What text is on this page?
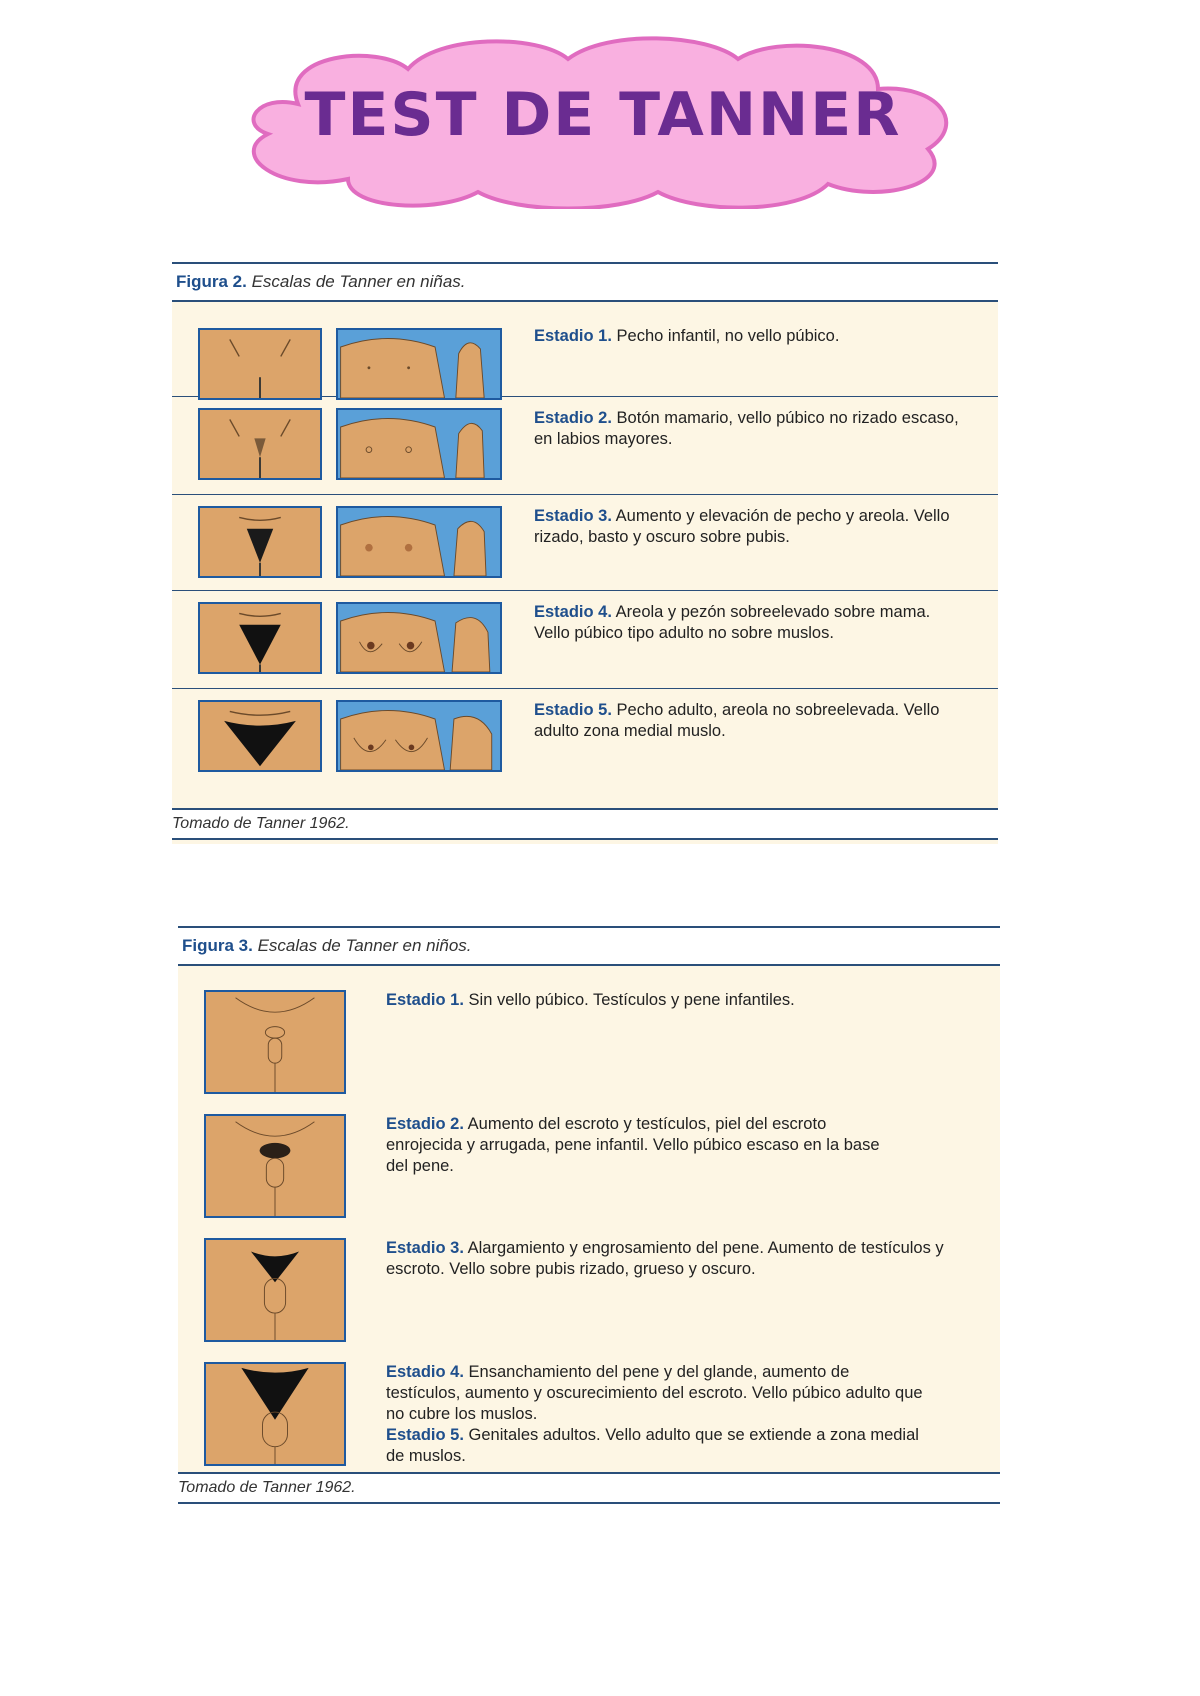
TEST DE TANNER
Figura 2. Escalas de Tanner en niñas.
Estadio 1. Pecho infantil, no vello púbico.
Estadio 2. Botón mamario, vello púbico no rizado escaso, en labios mayores.
Estadio 3. Aumento y elevación de pecho y areola. Vello rizado, basto y oscuro sobre pubis.
Estadio 4. Areola y pezón sobreelevado sobre mama. Vello púbico tipo adulto no sobre muslos.
Estadio 5. Pecho adulto, areola no sobreelevada. Vello adulto zona medial muslo.
Tomado de Tanner 1962.
Figura 3. Escalas de Tanner en niños.
Estadio 1. Sin vello púbico. Testículos y pene infantiles.
Estadio 2. Aumento del escroto y testículos, piel del escroto enrojecida y arrugada, pene infantil. Vello púbico escaso en la base del pene.
Estadio 3. Alargamiento y engrosamiento del pene. Aumento de testículos y escroto. Vello sobre pubis rizado, grueso y oscuro.
Estadio 4. Ensanchamiento del pene y del glande, aumento de testículos, aumento y oscurecimiento del escroto. Vello púbico adulto que no cubre los muslos.
Estadio 5. Genitales adultos. Vello adulto que se extiende a zona medial de muslos.
Tomado de Tanner 1962.
